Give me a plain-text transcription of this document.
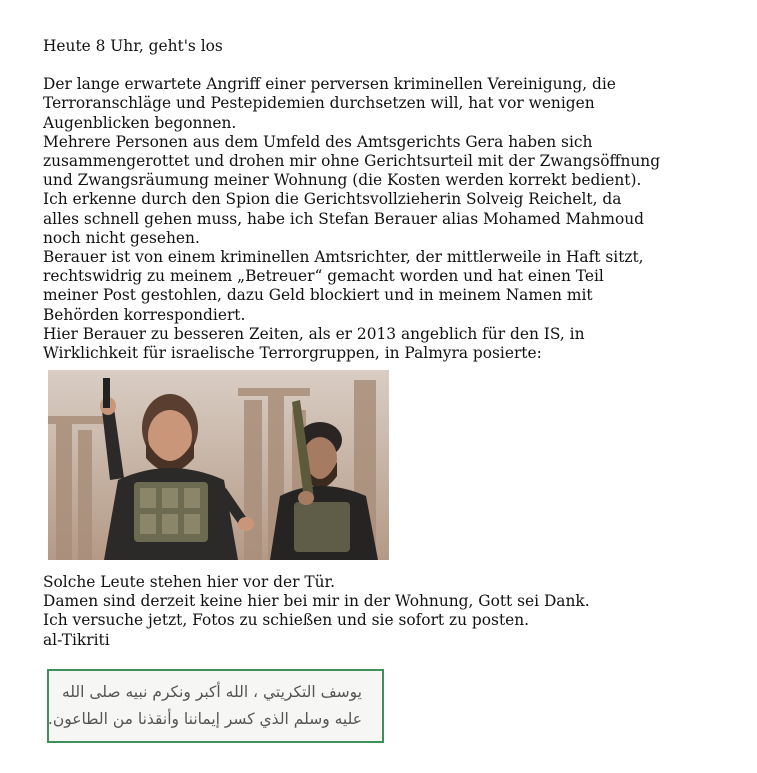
Heute 8 Uhr, geht's los
Der lange erwartete Angriff einer perversen kriminellen Vereinigung, die
Terroranschläge und Pestepidemien durchsetzen will, hat vor wenigen
Augenblicken begonnen.
Mehrere Personen aus dem Umfeld des Amtsgerichts Gera haben sich
zusammengerottet und drohen mir ohne Gerichtsurteil mit der Zwangsöffnung
und Zwangsräumung meiner Wohnung (die Kosten werden korrekt bedient).
Ich erkenne durch den Spion die Gerichtsvollzieherin Solveig Reichelt, da
alles schnell gehen muss, habe ich Stefan Berauer alias Mohamed Mahmoud
noch nicht gesehen.
Berauer ist von einem kriminellen Amtsrichter, der mittlerweile in Haft sitzt,
rechtswidrig zu meinem „Betreuer“ gemacht worden und hat einen Teil
meiner Post gestohlen, dazu Geld blockiert und in meinem Namen mit
Behörden korrespondiert.
Hier Berauer zu besseren Zeiten, als er 2013 angeblich für den IS, in
Wirklichkeit für israelische Terrorgruppen, in Palmyra posierte:
Solche Leute stehen hier vor der Tür.
Damen sind derzeit keine hier bei mir in der Wohnung, Gott sei Dank.
Ich versuche jetzt, Fotos zu schießen und sie sofort zu posten.
al-Tikriti
يوسف التكريتي ، الله أكبر ونكرم نبيه صلى الله
عليه وسلم الذي كسر إيماننا وأنقذنا من الطاعون.
